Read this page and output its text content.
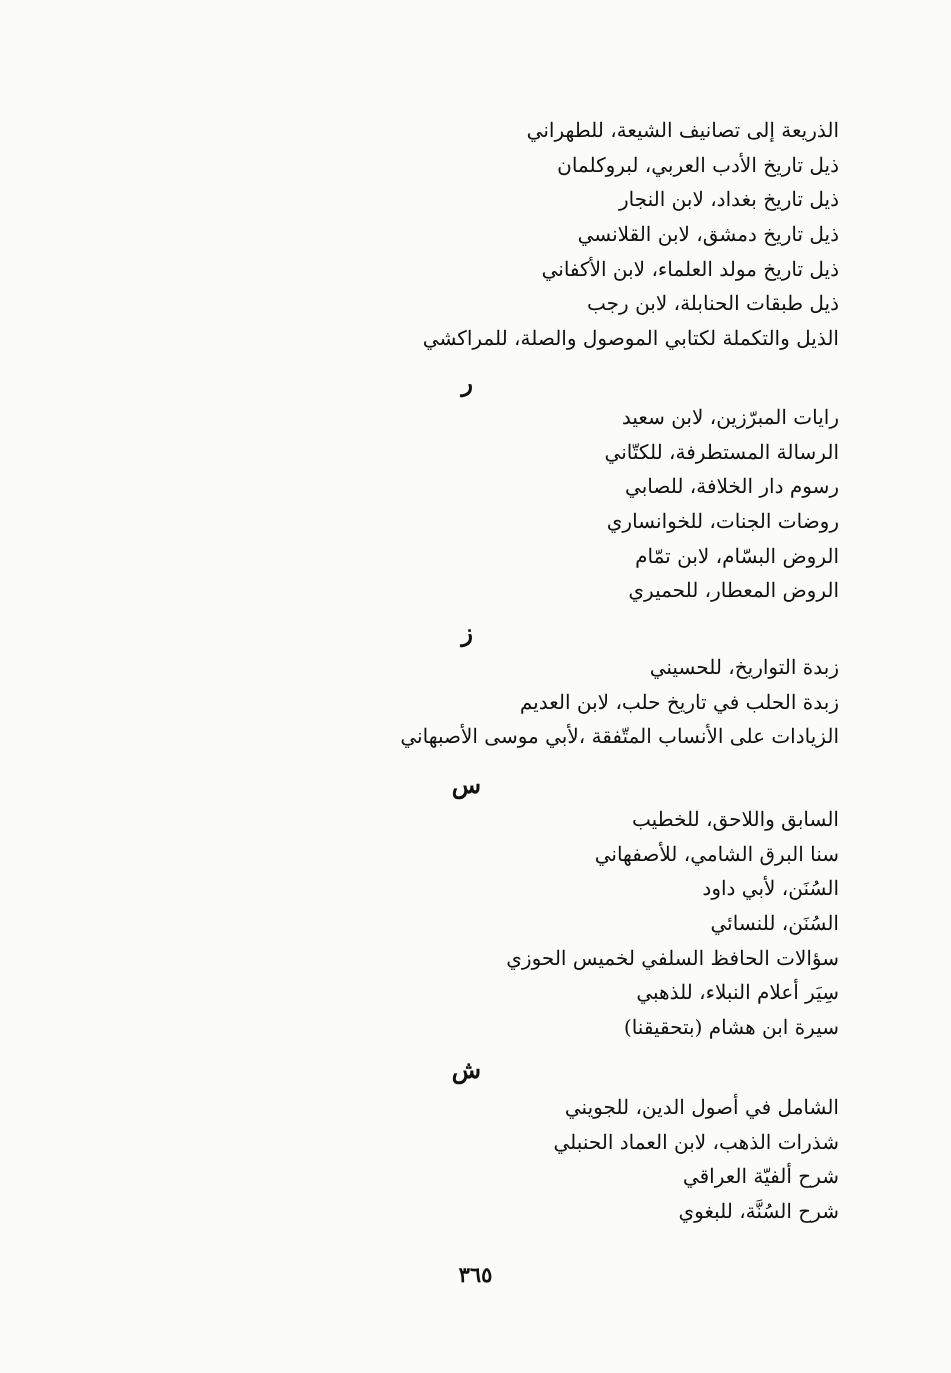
الذريعة إلى تصانيف الشيعة، للطهراني
ذيل تاريخ الأدب العربي، لبروكلمان
ذيل تاريخ بغداد، لابن النجار
ذيل تاريخ دمشق، لابن القلانسي
ذيل تاريخ مولد العلماء، لابن الأكفاني
ذيل طبقات الحنابلة، لابن رجب
الذيل والتكملة لكتابي الموصول والصلة، للمراكشي
ر
رايات المبرّزين، لابن سعيد
الرسالة المستطرفة، للكتّاني
رسوم دار الخلافة، للصابي
روضات الجنات، للخوانساري
الروض البسّام، لابن تمّام
الروض المعطار، للحميري
ز
زبدة التواريخ، للحسيني
زبدة الحلب في تاريخ حلب، لابن العديم
الزيادات على الأنساب المتّفقة ،لأبي موسى الأصبهاني
س
السابق واللاحق، للخطيب
سنا البرق الشامي، للأصفهاني
السُنَن، لأبي داود
السُنَن، للنسائي
سؤالات الحافظ السلفي لخميس الحوزي
سِيَر أعلام النبلاء، للذهبي
سيرة ابن هشام (بتحقيقنا)
ش
الشامل في أصول الدين، للجويني
شذرات الذهب، لابن العماد الحنبلي
شرح ألفيّة العراقي
شرح السُنَّة، للبغوي
٣٦٥
